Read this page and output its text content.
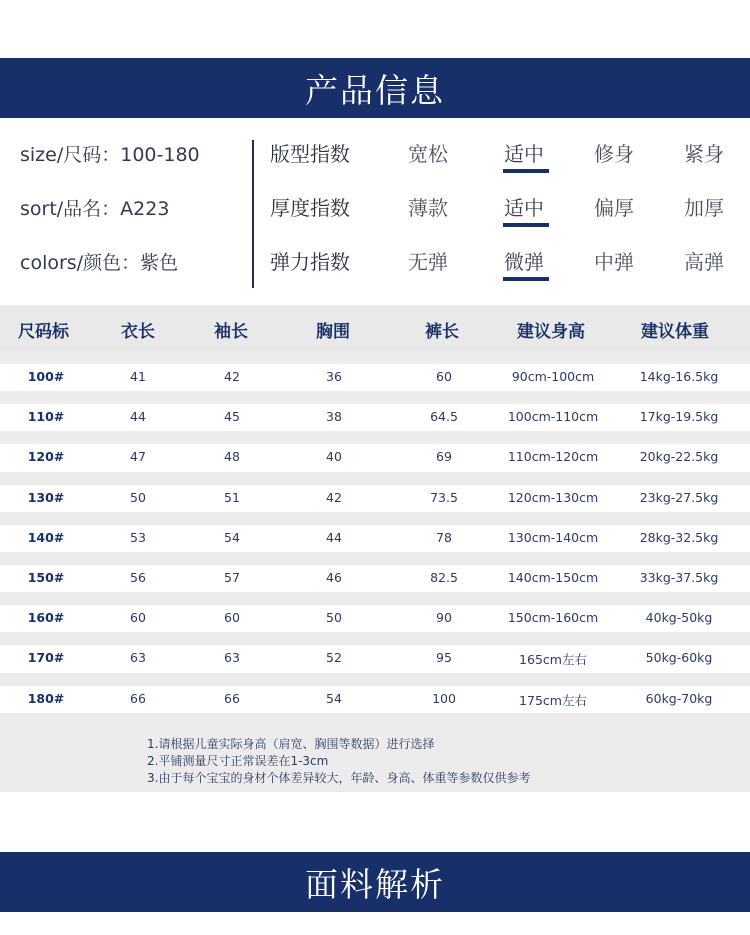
产品信息
size/尺码：100-180
sort/品名：A223
colors/颜色：紫色
版型指数	宽松	适中	修身	紧身
厚度指数	薄款	适中	偏厚	加厚
弹力指数	无弹	微弹	中弹	高弹
尺码标	衣长	袖长	胸围	裤长	建议身高	建议体重
100#	41	42	36	60	90cm-100cm	14kg-16.5kg
110#	44	45	38	64.5	100cm-110cm	17kg-19.5kg
120#	47	48	40	69	110cm-120cm	20kg-22.5kg
130#	50	51	42	73.5	120cm-130cm	23kg-27.5kg
140#	53	54	44	78	130cm-140cm	28kg-32.5kg
150#	56	57	46	82.5	140cm-150cm	33kg-37.5kg
160#	60	60	50	90	150cm-160cm	40kg-50kg
170#	63	63	52	95	165cm左右	50kg-60kg
180#	66	66	54	100	175cm左右	60kg-70kg
1.请根据儿童实际身高（肩宽、胸围等数据）进行选择
2.平铺测量尺寸正常误差在1-3cm
3.由于每个宝宝的身材个体差异较大，年龄、身高、体重等参数仅供参考
面料解析
